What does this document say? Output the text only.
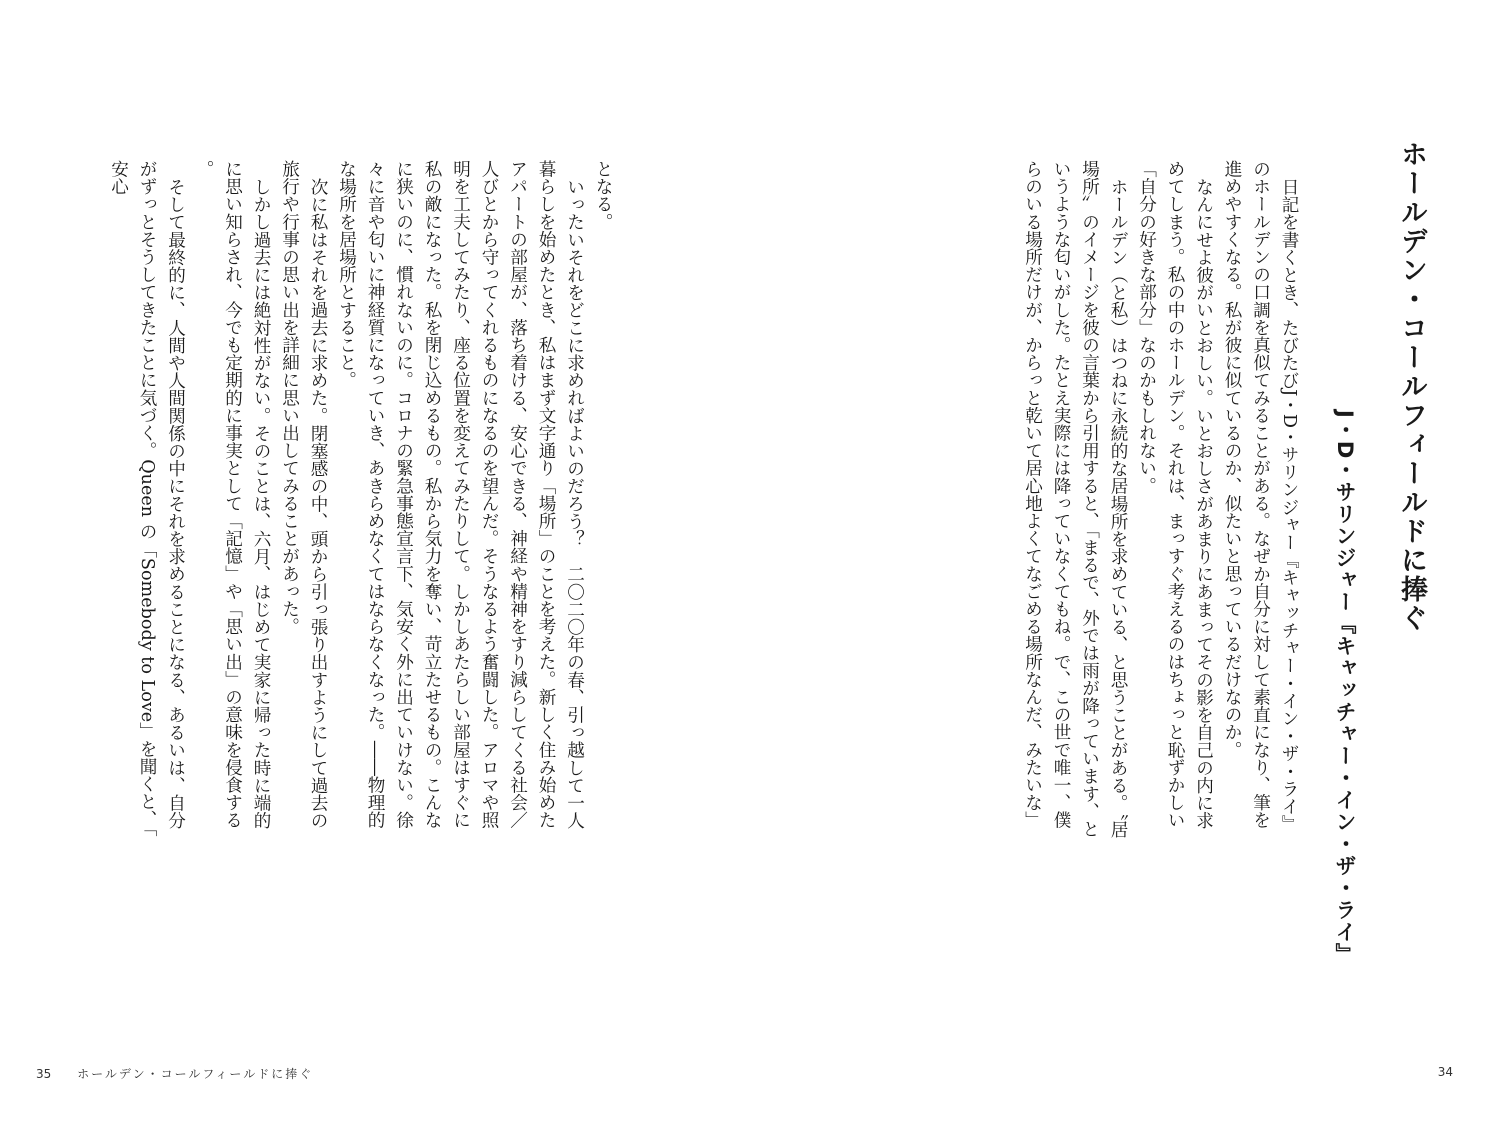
となる。

いったいそれをどこに求めればよいのだろう？　二〇二〇年の春、引っ越して一人暮らしを始めたとき、私はまず文字通り「場所」のことを考えた。新しく住み始めたアパートの部屋が、落ち着ける、安心できる、神経や精神をすり減らしてくる社会／人びとから守ってくれるものになるのを望んだ。そうなるよう奮闘した。アロマや照明を工夫してみたり、座る位置を変えてみたりして。しかしあたらしい部屋はすぐに私の敵になった。私を閉じ込めるもの。私から気力を奪い、苛立たせるもの。こんなに狭いのに、慣れないのに。コロナの緊急事態宣言下、気安く外に出ていけない。徐々に音や匂いに神経質になっていき、あきらめなくてはならなくなった。――物理的な場所を居場所とすること。

次に私はそれを過去に求めた。閉塞感の中、頭から引っ張り出すようにして過去の旅行や行事の思い出を詳細に思い出してみることがあった。

しかし過去には絶対性がない。そのことは、六月、はじめて実家に帰った時に端的に思い知らされ、今でも定期的に事実として「記憶」や「思い出」の意味を侵食する。

そして最終的に、人間や人間関係の中にそれを求めることになる、あるいは、自分がずっとそうしてきたことに気づく。Queen の「Somebody to Love」を聞くと、「安心

35 ホールデン・コールフィールドに捧ぐ
ホールデン・コールフィールドに捧ぐ
J・D・サリンジャー『キャッチャー・イン・ザ・ライ』

日記を書くとき、たびたびJ・D・サリンジャー『キャッチャー・イン・ザ・ライ』のホールデンの口調を真似てみることがある。なぜか自分に対して素直になり、筆を進めやすくなる。私が彼に似ているのか、似たいと思っているだけなのか。

なんにせよ彼がいとおしい。いとおしさがあまりにあまってその影を自己の内に求めてしまう。私の中のホールデン。それは、まっすぐ考えるのはちょっと恥ずかしい「自分の好きな部分」なのかもしれない。

ホールデン（と私）はつねに永続的な居場所を求めている、と思うことがある。〝居場所〟のイメージを彼の言葉から引用すると、「まるで、外では雨が降っています、というような匂いがした。たとえ実際には降っていなくてもね。で、この世で唯一、僕らのいる場所だけが、からっと乾いて居心地よくてなごめる場所なんだ、みたいな」

34
